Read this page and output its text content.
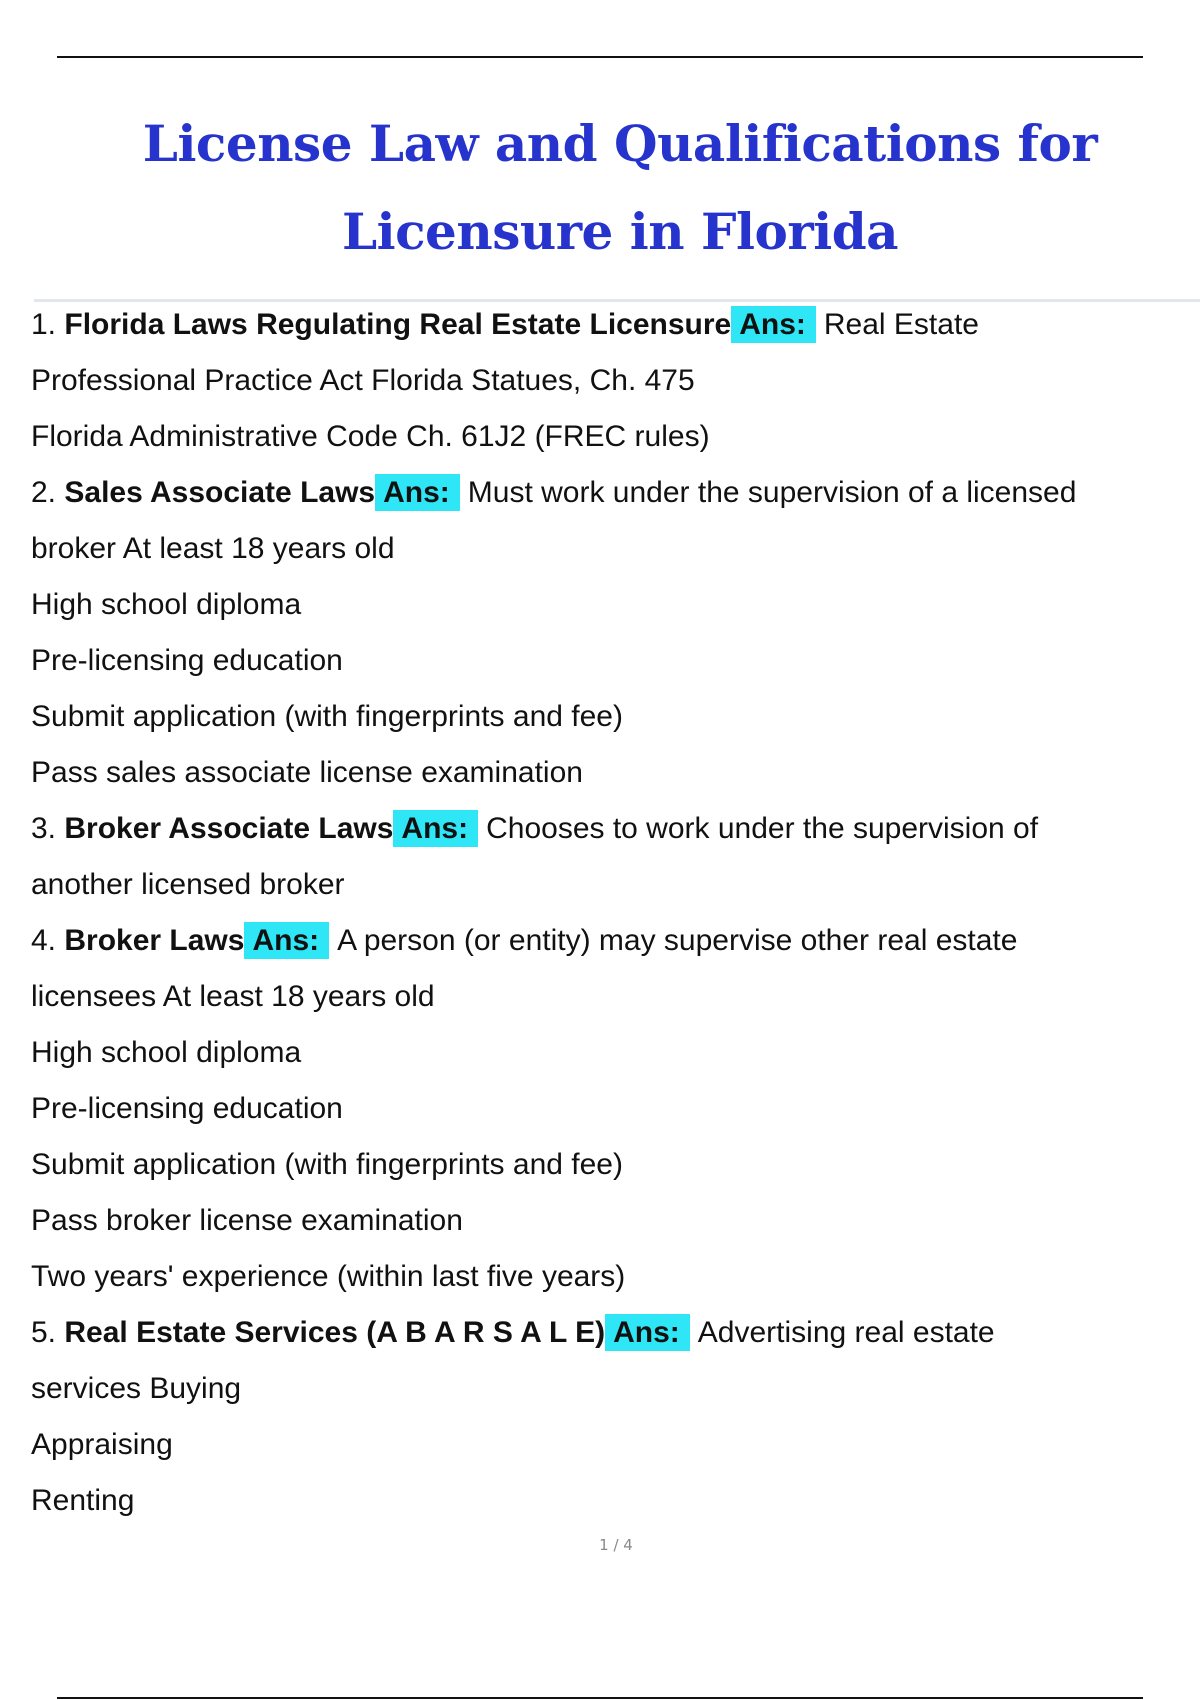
License Law and Qualifications for Licensure in Florida
1. Florida Laws Regulating Real Estate Licensure Ans: Real Estate
Professional Practice Act Florida Statues, Ch. 475
Florida Administrative Code Ch. 61J2 (FREC rules)
2. Sales Associate Laws Ans: Must work under the supervision of a licensed
broker At least 18 years old
High school diploma
Pre-licensing education
Submit application (with fingerprints and fee)
Pass sales associate license examination
3. Broker Associate Laws Ans: Chooses to work under the supervision of
another licensed broker
4. Broker Laws Ans: A person (or entity) may supervise other real estate
licensees At least 18 years old
High school diploma
Pre-licensing education
Submit application (with fingerprints and fee)
Pass broker license examination
Two years' experience (within last five years)
5. Real Estate Services (A B A R S A L E) Ans: Advertising real estate
services Buying
Appraising
Renting
1 / 4
